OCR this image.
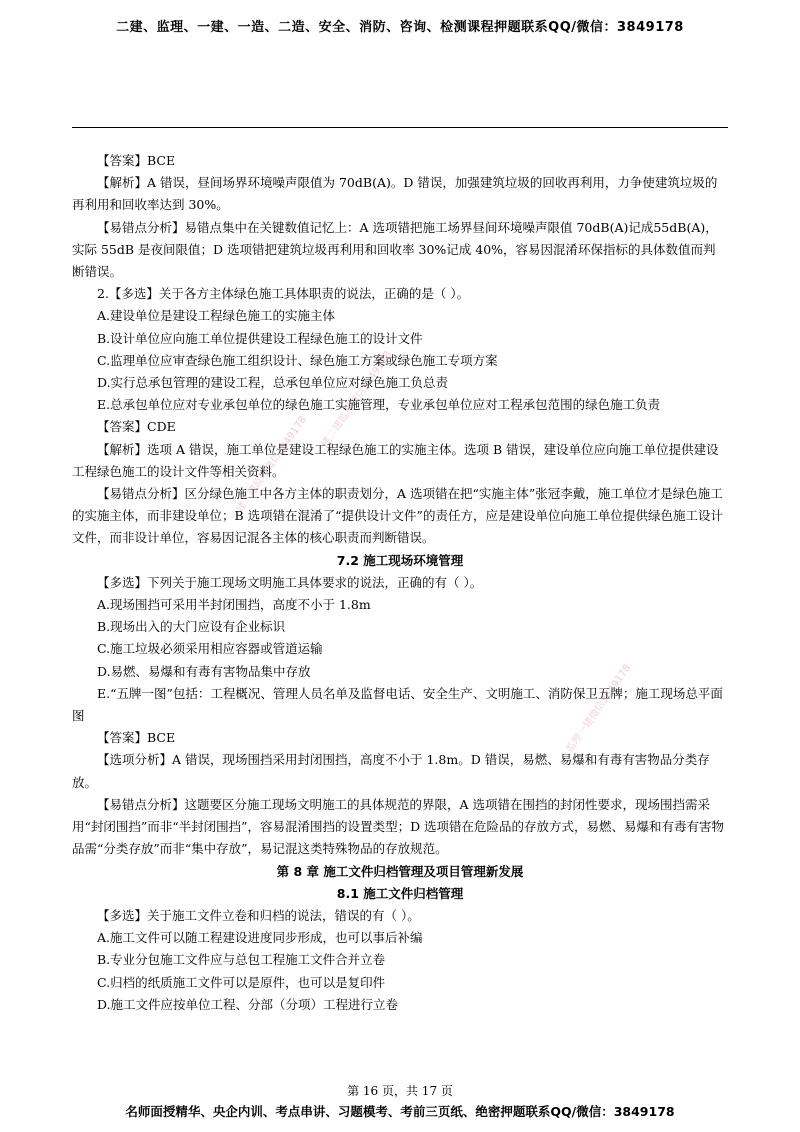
二建、监理、一建、一造、二造、安全、消防、咨询、检测课程押题联系QQ/微信：3849178
一建二建监理微信3849178
一建二建监理微信3849178
监理一建微信3849178

【答案】BCE

【解析】A 错误，昼间场界环境噪声限值为 70dB(A)。D 错误，加强建筑垃圾的回收再利用，力争使建筑垃圾的再利用和回收率达到 30%。

【易错点分析】易错点集中在关键数值记忆上：A 选项错把施工场界昼间环境噪声限值 70dB(A)记成55dB(A)，实际 55dB 是夜间限值；D 选项错把建筑垃圾再利用和回收率 30%记成 40%，容易因混淆环保指标的具体数值而判断错误。

2.【多选】关于各方主体绿色施工具体职责的说法，正确的是（ ）。

A.建设单位是建设工程绿色施工的实施主体

B.设计单位应向施工单位提供建设工程绿色施工的设计文件

C.监理单位应审查绿色施工组织设计、绿色施工方案或绿色施工专项方案

D.实行总承包管理的建设工程，总承包单位应对绿色施工负总责

E.总承包单位应对专业承包单位的绿色施工实施管理，专业承包单位应对工程承包范围的绿色施工负责

【答案】CDE

【解析】选项 A 错误，施工单位是建设工程绿色施工的实施主体。选项 B 错误，建设单位应向施工单位提供建设工程绿色施工的设计文件等相关资料。

【易错点分析】区分绿色施工中各方主体的职责划分，A 选项错在把“实施主体”张冠李戴，施工单位才是绿色施工的实施主体，而非建设单位；B 选项错在混淆了“提供设计文件”的责任方，应是建设单位向施工单位提供绿色施工设计文件，而非设计单位，容易因记混各主体的核心职责而判断错误。

7.2 施工现场环境管理

【多选】下列关于施工现场文明施工具体要求的说法，正确的有（ ）。

A.现场围挡可采用半封闭围挡，高度不小于 1.8m

B.现场出入的大门应设有企业标识

C.施工垃圾必须采用相应容器或管道运输

D.易燃、易爆和有毒有害物品集中存放

E.“五牌一图”包括：工程概况、管理人员名单及监督电话、安全生产、文明施工、消防保卫五牌；施工现场总平面图

【答案】BCE

【选项分析】A 错误，现场围挡采用封闭围挡，高度不小于 1.8m。D 错误，易燃、易爆和有毒有害物品分类存放。

【易错点分析】这题要区分施工现场文明施工的具体规范的界限，A 选项错在围挡的封闭性要求，现场围挡需采用“封闭围挡”而非“半封闭围挡”，容易混淆围挡的设置类型；D 选项错在危险品的存放方式，易燃、易爆和有毒有害物品需“分类存放”而非“集中存放”，易记混这类特殊物品的存放规范。

第 8 章 施工文件归档管理及项目管理新发展

8.1 施工文件归档管理

【多选】关于施工文件立卷和归档的说法，错误的有（ ）。

A.施工文件可以随工程建设进度同步形成，也可以事后补编

B.专业分包施工文件应与总包工程施工文件合并立卷

C.归档的纸质施工文件可以是原件，也可以是复印件

D.施工文件应按单位工程、分部（分项）工程进行立卷

第 16 页，共 17 页
名师面授精华、央企内训、考点串讲、习题模考、考前三页纸、绝密押题联系QQ/微信：3849178
